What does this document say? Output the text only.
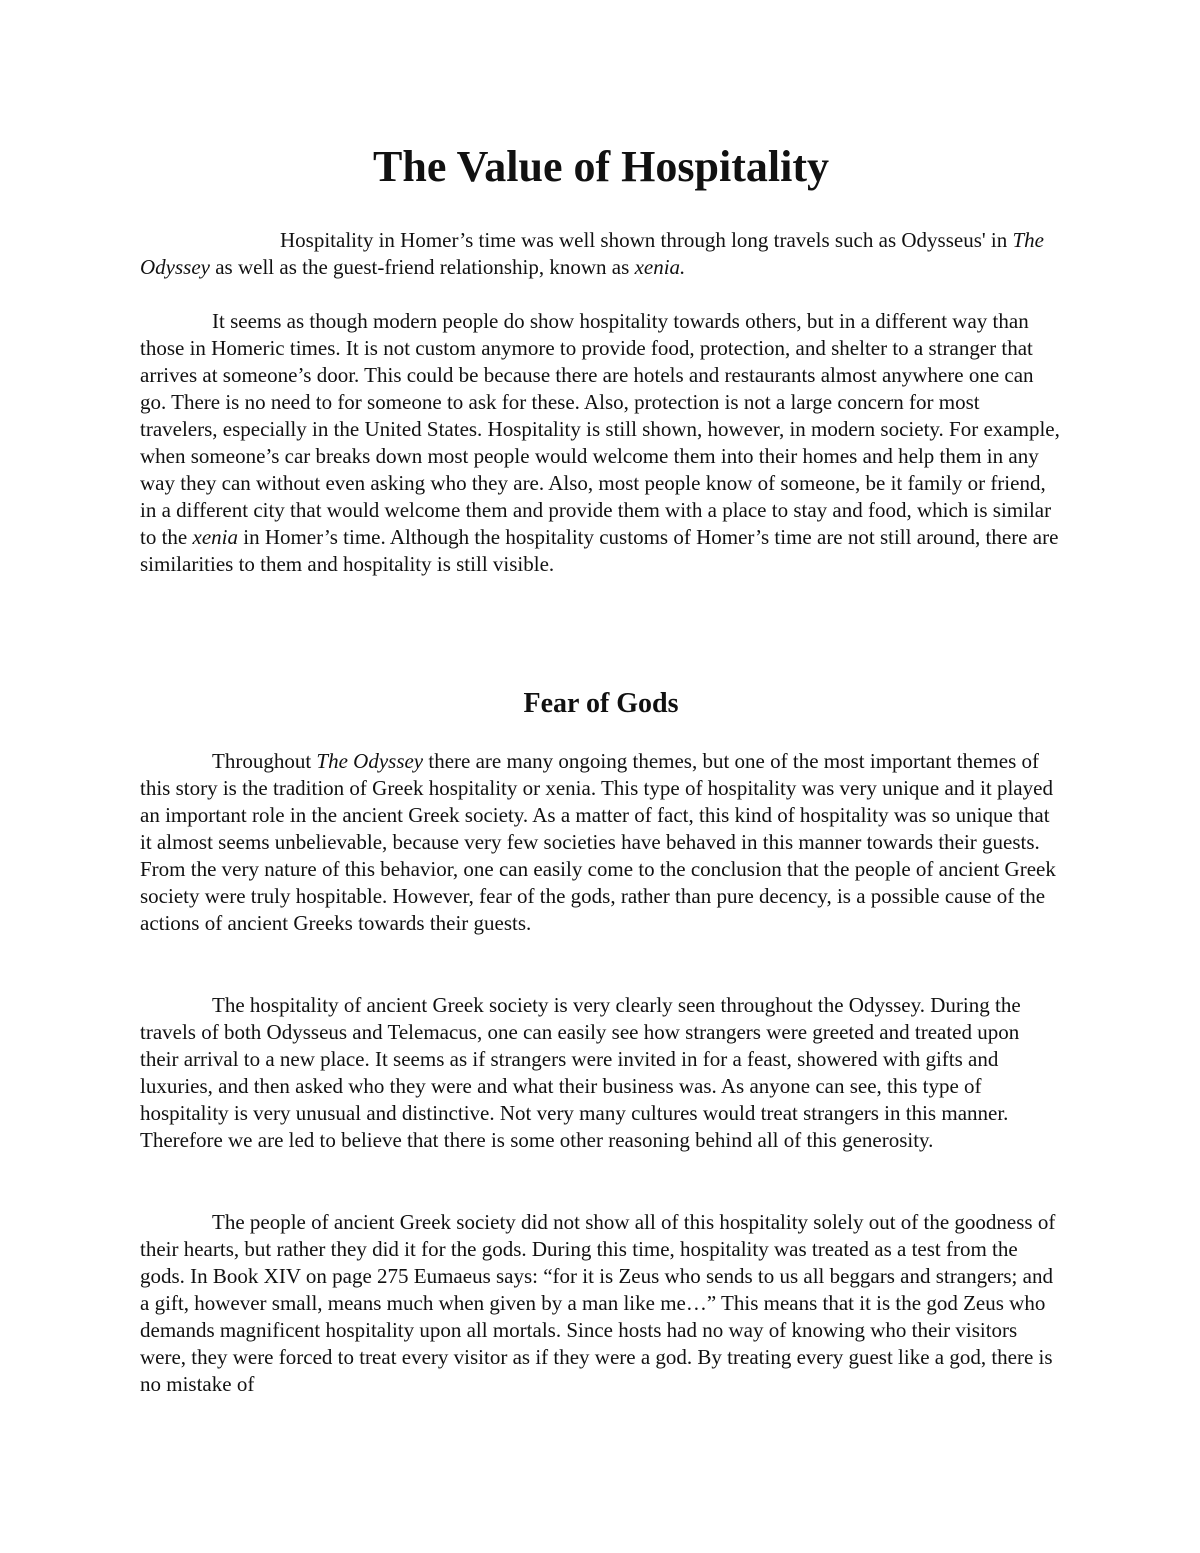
The Value of Hospitality

Hospitality in Homer’s time was well shown through long travels such as Odysseus' in The Odyssey as well as the guest-friend relationship, known as xenia.

It seems as though modern people do show hospitality towards others, but in a different way than those in Homeric times. It is not custom anymore to provide food, protection, and shelter to a stranger that arrives at someone’s door. This could be because there are hotels and restaurants almost anywhere one can go. There is no need to for someone to ask for these. Also, protection is not a large concern for most travelers, especially in the United States. Hospitality is still shown, however, in modern society. For example, when someone’s car breaks down most people would welcome them into their homes and help them in any way they can without even asking who they are. Also, most people know of someone, be it family or friend, in a different city that would welcome them and provide them with a place to stay and food, which is similar to the xenia in Homer’s time. Although the hospitality customs of Homer’s time are not still around, there are similarities to them and hospitality is still visible.

Fear of Gods

Throughout The Odyssey there are many ongoing themes, but one of the most important themes of this story is the tradition of Greek hospitality or xenia. This type of hospitality was very unique and it played an important role in the ancient Greek society. As a matter of fact, this kind of hospitality was so unique that it almost seems unbelievable, because very few societies have behaved in this manner towards their guests. From the very nature of this behavior, one can easily come to the conclusion that the people of ancient Greek society were truly hospitable. However, fear of the gods, rather than pure decency, is a possible cause of the actions of ancient Greeks towards their guests.

The hospitality of ancient Greek society is very clearly seen throughout the Odyssey. During the travels of both Odysseus and Telemacus, one can easily see how strangers were greeted and treated upon their arrival to a new place. It seems as if strangers were invited in for a feast, showered with gifts and luxuries, and then asked who they were and what their business was. As anyone can see, this type of hospitality is very unusual and distinctive. Not very many cultures would treat strangers in this manner. Therefore we are led to believe that there is some other reasoning behind all of this generosity.

The people of ancient Greek society did not show all of this hospitality solely out of the goodness of their hearts, but rather they did it for the gods. During this time, hospitality was treated as a test from the gods. In Book XIV on page 275 Eumaeus says: “for it is Zeus who sends to us all beggars and strangers; and a gift, however small, means much when given by a man like me…” This means that it is the god Zeus who demands magnificent hospitality upon all mortals. Since hosts had no way of knowing who their visitors were, they were forced to treat every visitor as if they were a god. By treating every guest like a god, there is no mistake of
